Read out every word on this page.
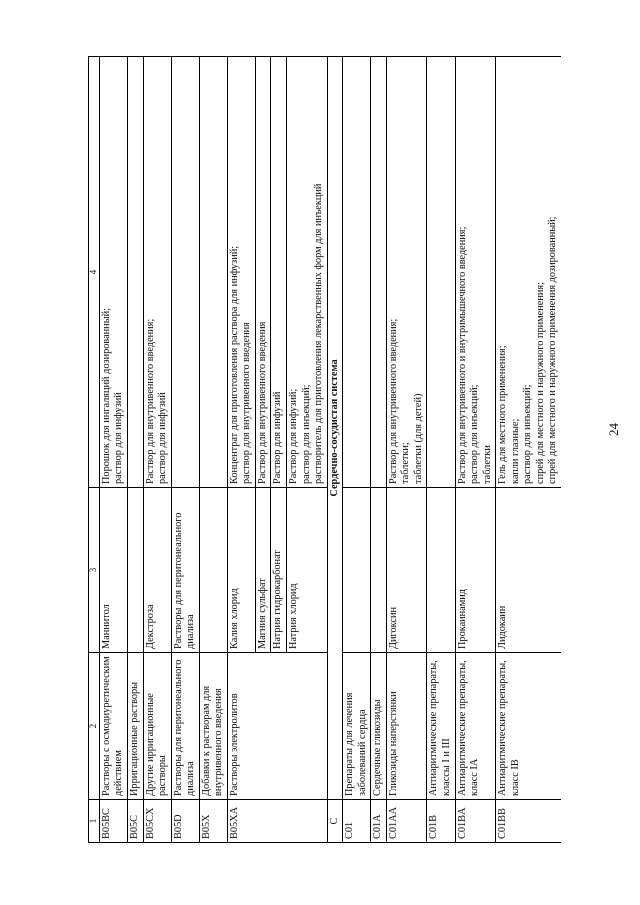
24
1	2	3	4
B05BC	Растворы с осмодиуретическим действием	Маннитол	Порошок для ингаляций дозированный; раствор для инфузий

B05C	Ирригационные растворы		
B05CX	Другие ирригационные растворы	Декстроза	Раствор для внутривенного введения; раствор для инфузий

B05D	Растворы для перитонеального диализа	Растворы для перитонеального диализа	
B05X	Добавки к растворам для внутривенного введения		
B05XA	Растворы электролитов	Калия хлорид	Концентрат для приготовления раствора для инфузий; раствор для внутривенного введения

		Магния сульфат	Раствор для внутривенного введения
		Натрия гидрокарбонат	Раствор для инфузий
		Натрия хлорид	Раствор для инфузий; раствор для инъекций; растворитель для приготовления лекарственных форм для инъекций

C	Сердечно-сосудистая система		
C01	Препараты для лечения заболеваний сердца		
C01A	Сердечные гликозиды		
C01AA	Гликозиды наперстянки	Дигоксин	Раствор для внутривенного введения; таблетки; таблетки (для детей)

C01B	Антиаритмические препараты, классы I и III		
C01BA	Антиаритмические препараты, класс IA	Прокаинамид	Раствор для внутривенного и внутримышечного введения; раствор для инъекций; таблетки

C01BB	Антиаритмические препараты, класс IB	Лидокаин	Гель для местного применения; капли глазные; раствор для инъекций; спрей для местного и наружного применения; спрей для местного и наружного применения дозированный;
